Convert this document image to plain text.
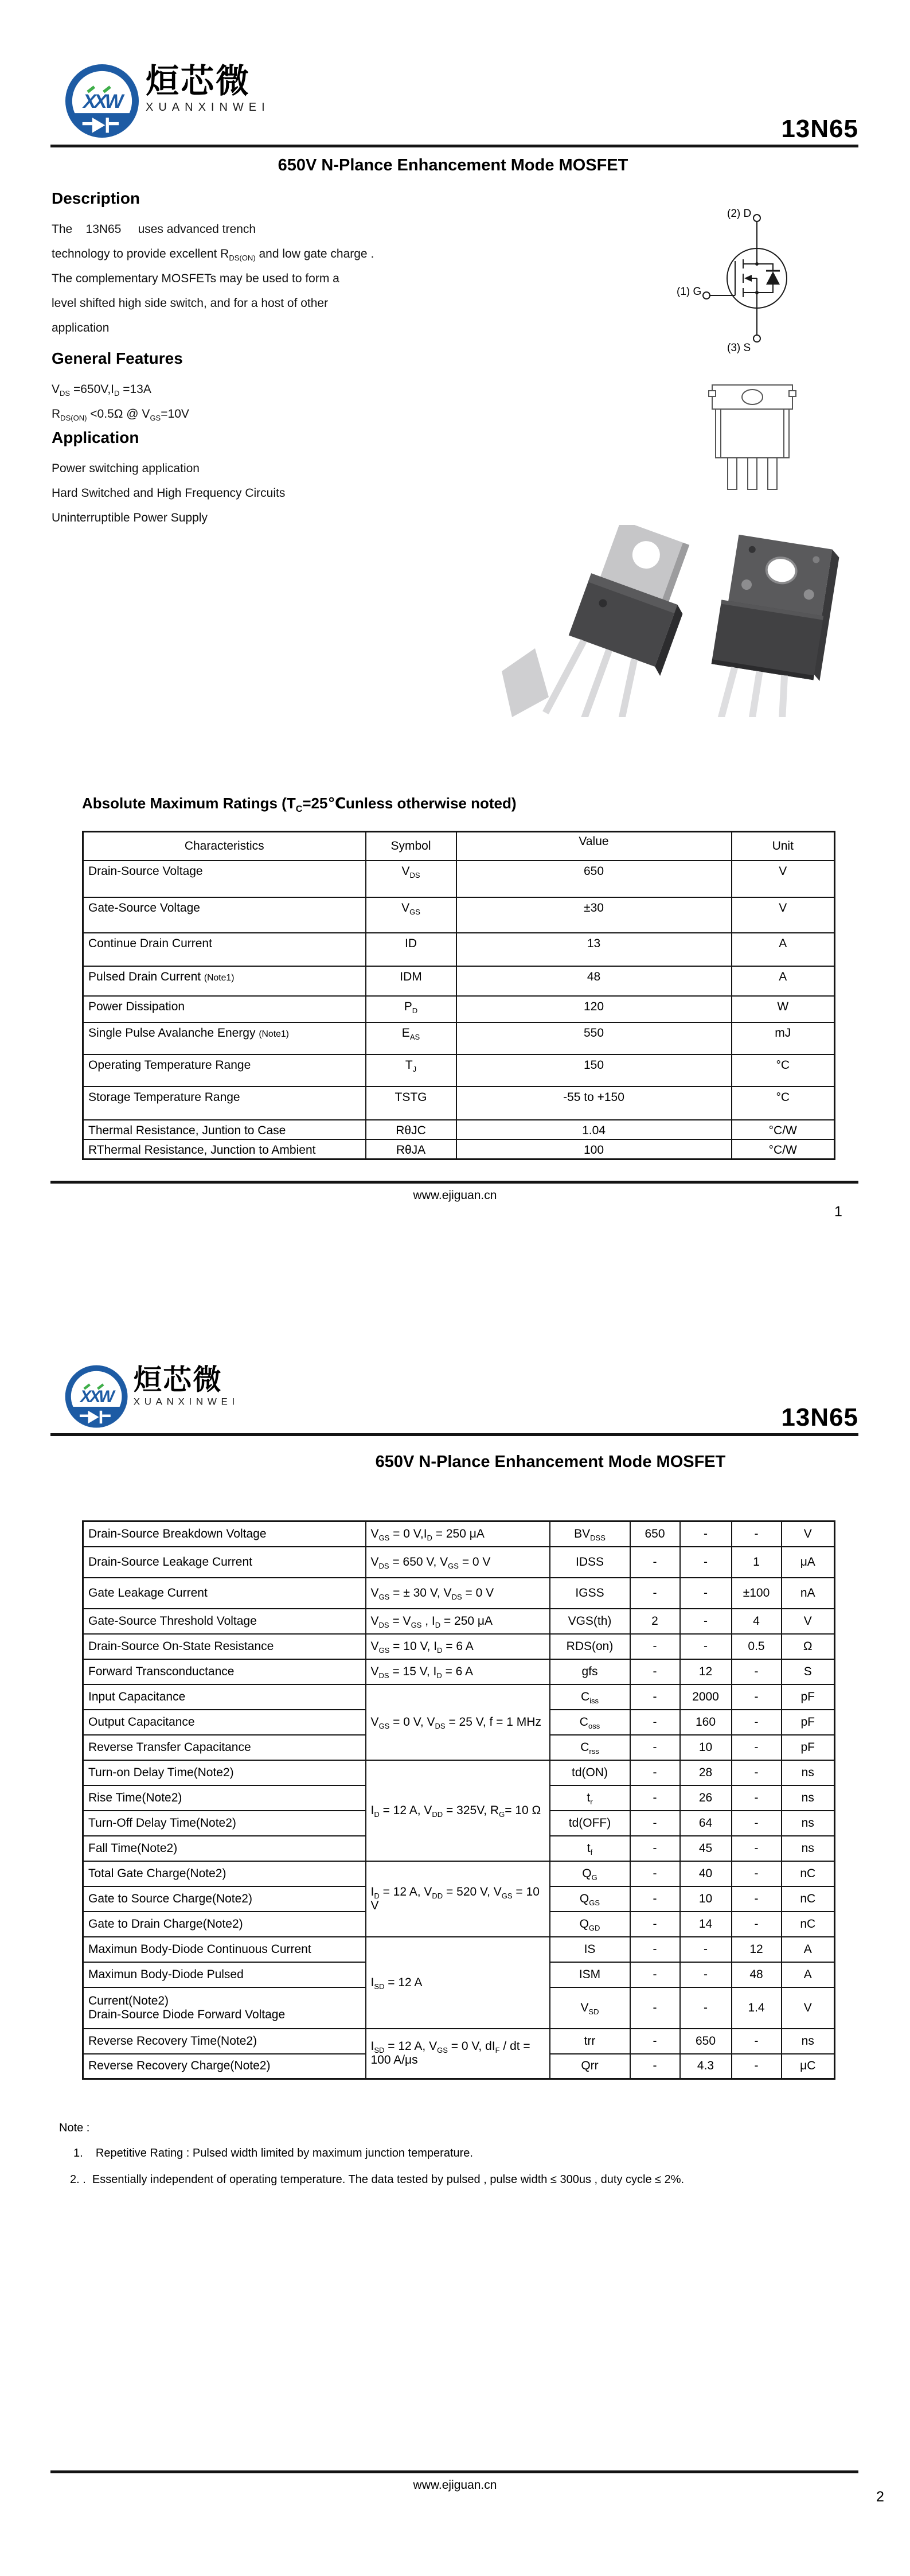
XXW
烜芯微
XUANXINWEI
13N65
650V N-Plance Enhancement Mode MOSFET
Description
The    13N65     uses advanced trench
technology to provide excellent $R_{DS(ON)}$ and low gate charge .
The complementary MOSFETs may be used to form a
level shifted high side switch, and for a host of other
application
General Features
$V_{DS} =650V,I_D =13A$
$R_{DS(ON)} <0.5\Omega$ @ $V_{GS}=10V$
Application
Power switching application
Hard Switched and High Frequency Circuits
Uninterruptible Power Supply
(2) D
(1) G
(3) S
Absolute Maximum Ratings ($T_C=25℃unless$ otherwise noted)
Characteristics	Symbol	Value	Unit
Drain-Source Voltage	$V_{DS}$	650	V
Gate-Source Voltage	$V_{GS}$	±30	V
Continue Drain Current	ID	13	A
Pulsed Drain Current (Note1)	IDM	48	A
Power Dissipation	$P_D$	120	W
Single Pulse Avalanche Energy (Note1)	$E_{AS}$	550	mJ
Operating Temperature Range	$T_J$	150	°C
Storage Temperature Range	TSTG	-55 to +150	°C
Thermal Resistance, Juntion to Case	RθJC	1.04	°C/W
RThermal Resistance, Junction to Ambient	RθJA	100	°C/W
www.ejiguan.cn
1
XXW
烜芯微
XUANXINWEI
13N65
650V N-Plance Enhancement Mode MOSFET
Drain-Source Breakdown Voltage	$V_{GS} = 0$ $V,I_D = 250$ μA	$BV_{DSS}$	650	-	-	V
Drain-Source Leakage Current	$V_{DS} = 650$ V, $V_{GS} = 0$ V	IDSS	-	-	1	μA
Gate Leakage Current	$V_{GS}$ = ± 30 V, $V_{DS} = 0$ V	IGSS	-	-	±100	nA
Gate-Source Threshold Voltage	$V_{DS} = V_{GS}$ , $I_D = 250$ μA	VGS(th)	2	-	4	V
Drain-Source On-State Resistance	$V_{GS} = 10$ V, $I_D = 6$ A	RDS(on)	-	-	0.5	Ω
Forward Transconductance	$V_{DS} = 15$ V, $I_D = 6$ A	gfs	-	12	-	S
Input Capacitance	$V_{GS} = 0$ V, $V_{DS} = 25$ V, f = 1 MHz	$C_{iss}$	-	2000	-	pF
Output Capacitance		$C_{oss}$	-	160	-	pF
Reverse Transfer Capacitance		$C_{rss}$	-	10	-	pF
Turn-on Delay Time(Note2)	$I_D = 12$ A, $V_{DD} = 325V$, $R_G= 10$ Ω	td(ON)	-	28	-	ns
Rise Time(Note2)		$t_r$	-	26	-	ns
Turn-Off Delay Time(Note2)		td(OFF)	-	64	-	ns
Fall Time(Note2)		$t_f$	-	45	-	ns
Total Gate Charge(Note2)	$I_D = 12$ A, $V_{DD} = 520$ V, $V_{GS} = 10$ V	$Q_G$	-	40	-	nC
Gate to Source Charge(Note2)		$Q_{GS}$	-	10	-	nC
Gate to Drain Charge(Note2)		$Q_{GD}$	-	14	-	nC
Maximun Body-Diode Continuous Current	$I_{SD} = 12$ A	IS	-	-	12	A
Maximun Body-Diode Pulsed		ISM	-	-	48	A
Current(Note2)
Drain-Source Diode Forward Voltage		$V_{SD}$	-	-	1.4	V
Reverse Recovery Time(Note2)	$I_{SD} = 12$ A, $V_{GS} = 0$ V, $dI_F$ / dt = 100 A/μs	trr	-	650	-	ns
Reverse Recovery Charge(Note2)		Qrr	-	4.3	-	μC
Note :
1.    Repetitive Rating : Pulsed width limited by maximum junction temperature.
2. .  Essentially independent of operating temperature. The data tested by pulsed , pulse width ≤ 300us , duty cycle ≤ 2%.
www.ejiguan.cn
2
